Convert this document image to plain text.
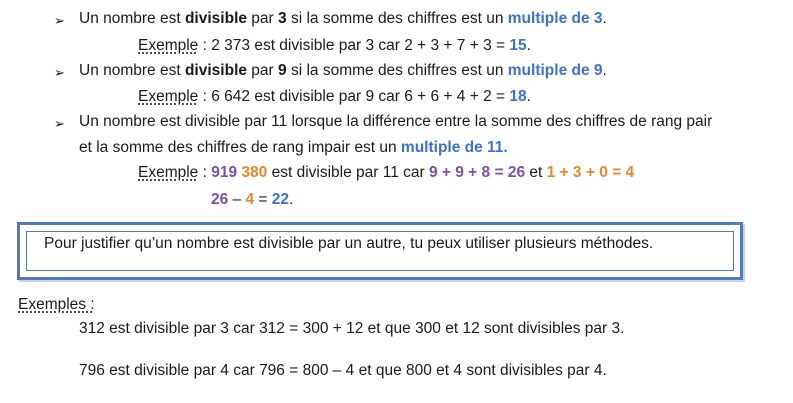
➢ Un nombre est divisible par 3 si la somme des chiffres est un multiple de 3.
Exemple : 2 373 est divisible par 3 car 2 + 3 + 7 + 3 = 15.
➢ Un nombre est divisible par 9 si la somme des chiffres est un multiple de 9.
Exemple : 6 642 est divisible par 9 car 6 + 6 + 4 + 2 = 18.
➢ Un nombre est divisible par 11 lorsque la différence entre la somme des chiffres de rang pair
et la somme des chiffres de rang impair est un multiple de 11.
Exemple : 919 380 est divisible par 11 car 9 + 9 + 8 = 26 et 1 + 3 + 0 = 4
26 – 4 = 22.
Pour justifier qu’un nombre est divisible par un autre, tu peux utiliser plusieurs méthodes.
Exemples :
312 est divisible par 3 car 312 = 300 + 12 et que 300 et 12 sont divisibles par 3.
796 est divisible par 4 car 796 = 800 – 4 et que 800 et 4 sont divisibles par 4.
